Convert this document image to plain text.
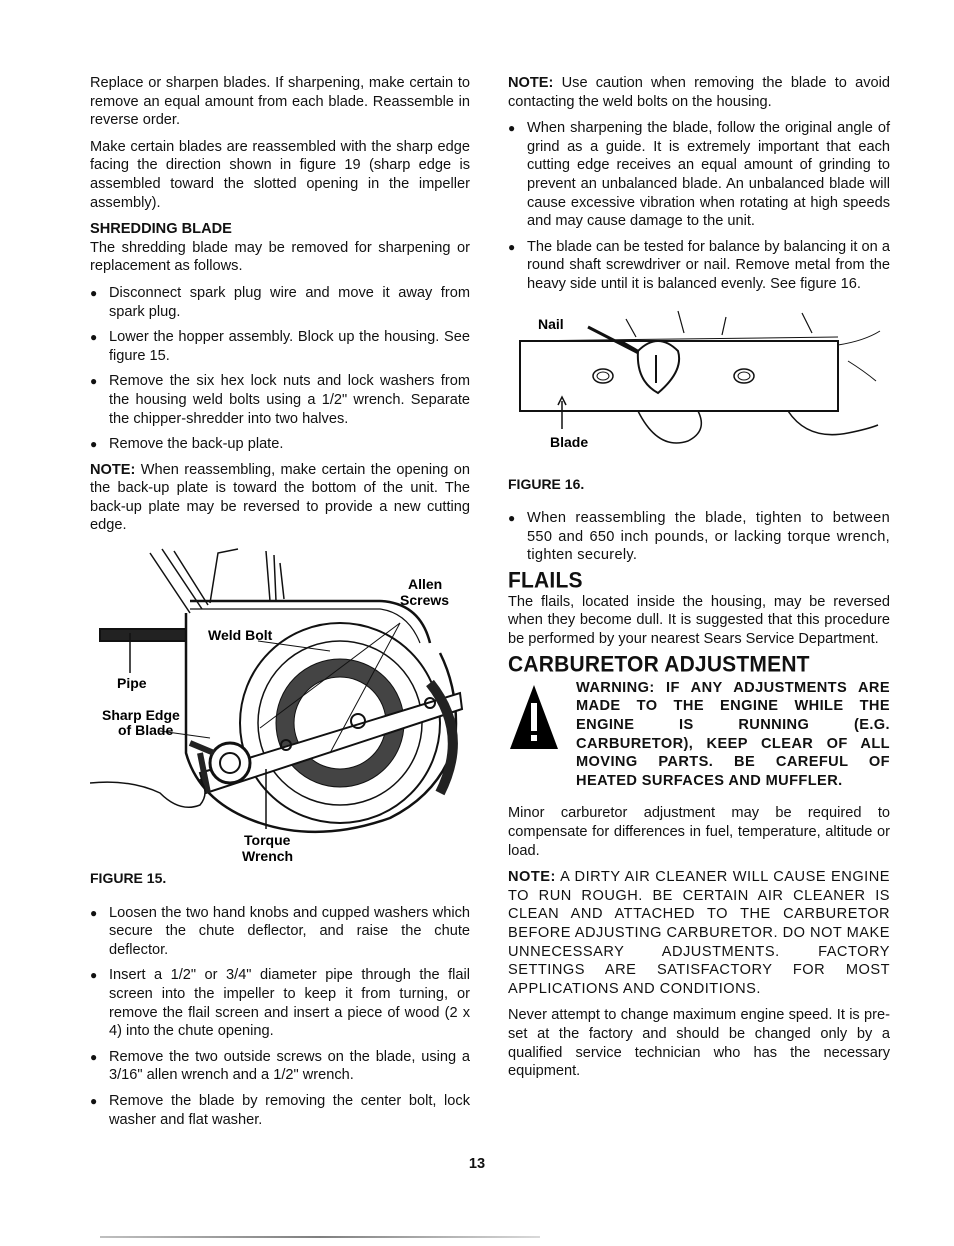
Replace or sharpen blades. If sharpening, make certain to remove an equal amount from each blade. Reassemble in reverse order.

Make certain blades are reassembled with the sharp edge facing the direction shown in figure 19 (sharp edge is assembled toward the slotted opening in the impeller assembly).

SHREDDING BLADE

The shredding blade may be removed for sharpening or replacement as follows.

● Disconnect spark plug wire and move it away from spark plug.
● Lower the hopper assembly. Block up the housing. See figure 15.
● Remove the six hex lock nuts and lock washers from the housing weld bolts using a 1/2" wrench. Separate the chipper-shredder into two halves.
● Remove the back-up plate.

NOTE: When reassembling, make certain the opening on the back-up plate is toward the bottom of the unit. The back-up plate may be reversed to provide a new cutting edge.

Allen
Screws
Weld Bolt
Pipe
Sharp Edge
of Blade
Torque
Wrench
FIGURE 15.
● Loosen the two hand knobs and cupped washers which secure the chute deflector, and raise the chute deflector.
● Insert a 1/2" or 3/4" diameter pipe through the flail screen into the impeller to keep it from turning, or remove the flail screen and insert a piece of wood (2 x 4) into the chute opening.
● Remove the two outside screws on the blade, using a 3/16" allen wrench and a 1/2" wrench.
● Remove the blade by removing the center bolt, lock washer and flat washer.

NOTE: Use caution when removing the blade to avoid contacting the weld bolts on the housing.

● When sharpening the blade, follow the original angle of grind as a guide. It is extremely important that each cutting edge receives an equal amount of grinding to prevent an unbalanced blade. An unbalanced blade will cause excessive vibration when rotating at high speeds and may cause damage to the unit.
● The blade can be tested for balance by balancing it on a round shaft screwdriver or nail. Remove metal from the heavy side until it is balanced evenly. See figure 16.
Nail
Blade
FIGURE 16.
● When reassembling the blade, tighten to between 550 and 650 inch pounds, or lacking torque wrench, tighten securely.
FLAILS

The flails, located inside the housing, may be reversed when they become dull. It is suggested that this procedure be performed by your nearest Sears Service Department.

CARBURETOR ADJUSTMENT
WARNING: IF ANY ADJUSTMENTS ARE MADE TO THE ENGINE WHILE THE ENGINE IS RUNNING (E.G. CARBURETOR), KEEP CLEAR OF ALL MOVING PARTS. BE CAREFUL OF HEATED SURFACES AND MUFFLER.

Minor carburetor adjustment may be required to compensate for differences in fuel, temperature, altitude or load.

NOTE: A DIRTY AIR CLEANER WILL CAUSE ENGINE TO RUN ROUGH. BE CERTAIN AIR CLEANER IS CLEAN AND ATTACHED TO THE CARBURETOR BEFORE ADJUSTING CARBURETOR. DO NOT MAKE UNNECESSARY ADJUSTMENTS. FACTORY SETTINGS ARE SATISFACTORY FOR MOST APPLICATIONS AND CONDITIONS.

Never attempt to change maximum engine speed. It is pre-set at the factory and should be changed only by a qualified service technician who has the necessary equipment.

13
